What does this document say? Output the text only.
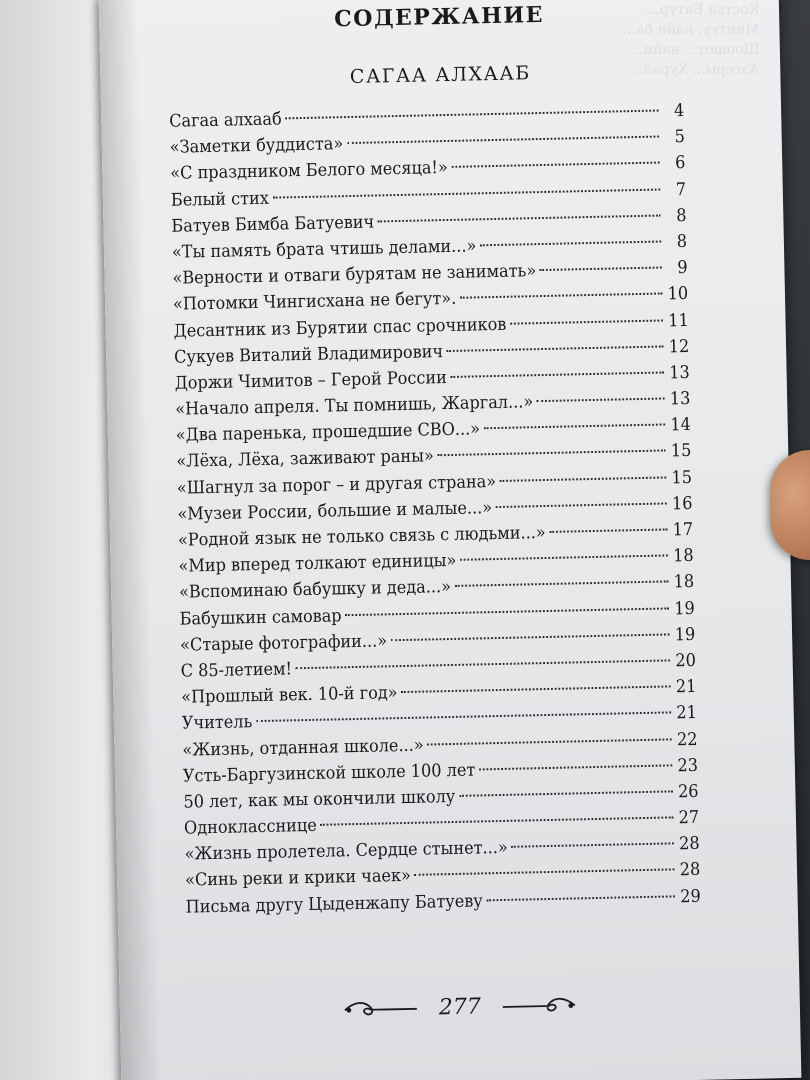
Костьи Батур...
Минтуу, найн ба...
Шоошот... найн...
Азгеры... Хурал...
СОДЕРЖАНИЕ
САГАА АЛХААБ
Сагаа алхааб	4
«Заметки буддиста»	5
«С праздником Белого месяца!»	6
Белый стих	7
Батуев Бимба Батуевич	8
«Ты память брата чтишь делами...»	8
«Верности и отваги бурятам не занимать»	9
«Потомки Чингисхана не бегут».	10
Десантник из Бурятии спас срочников	11
Сукуев Виталий Владимирович	12
Доржи Чимитов – Герой России	13
«Начало апреля. Ты помнишь, Жаргал...»	13
«Два паренька, прошедшие СВО...»	14
«Лёха, Лёха, заживают раны»	15
«Шагнул за порог – и другая страна»	15
«Музеи России, большие и малые...»	16
«Родной язык не только связь с людьми...»	17
«Мир вперед толкают единицы»	18
«Вспоминаю бабушку и деда...»	18
Бабушкин самовар	19
«Старые фотографии...»	19
С 85-летием!	20
«Прошлый век. 10-й год»	21
Учитель	21
«Жизнь, отданная школе...»	22
Усть-Баргузинской школе 100 лет	23
50 лет, как мы окончили школу	26
Однокласснице	27
«Жизнь пролетела. Сердце стынет...»	28
«Синь реки и крики чаек»	28
Письма другу Цыденжапу Батуеву	29
277
